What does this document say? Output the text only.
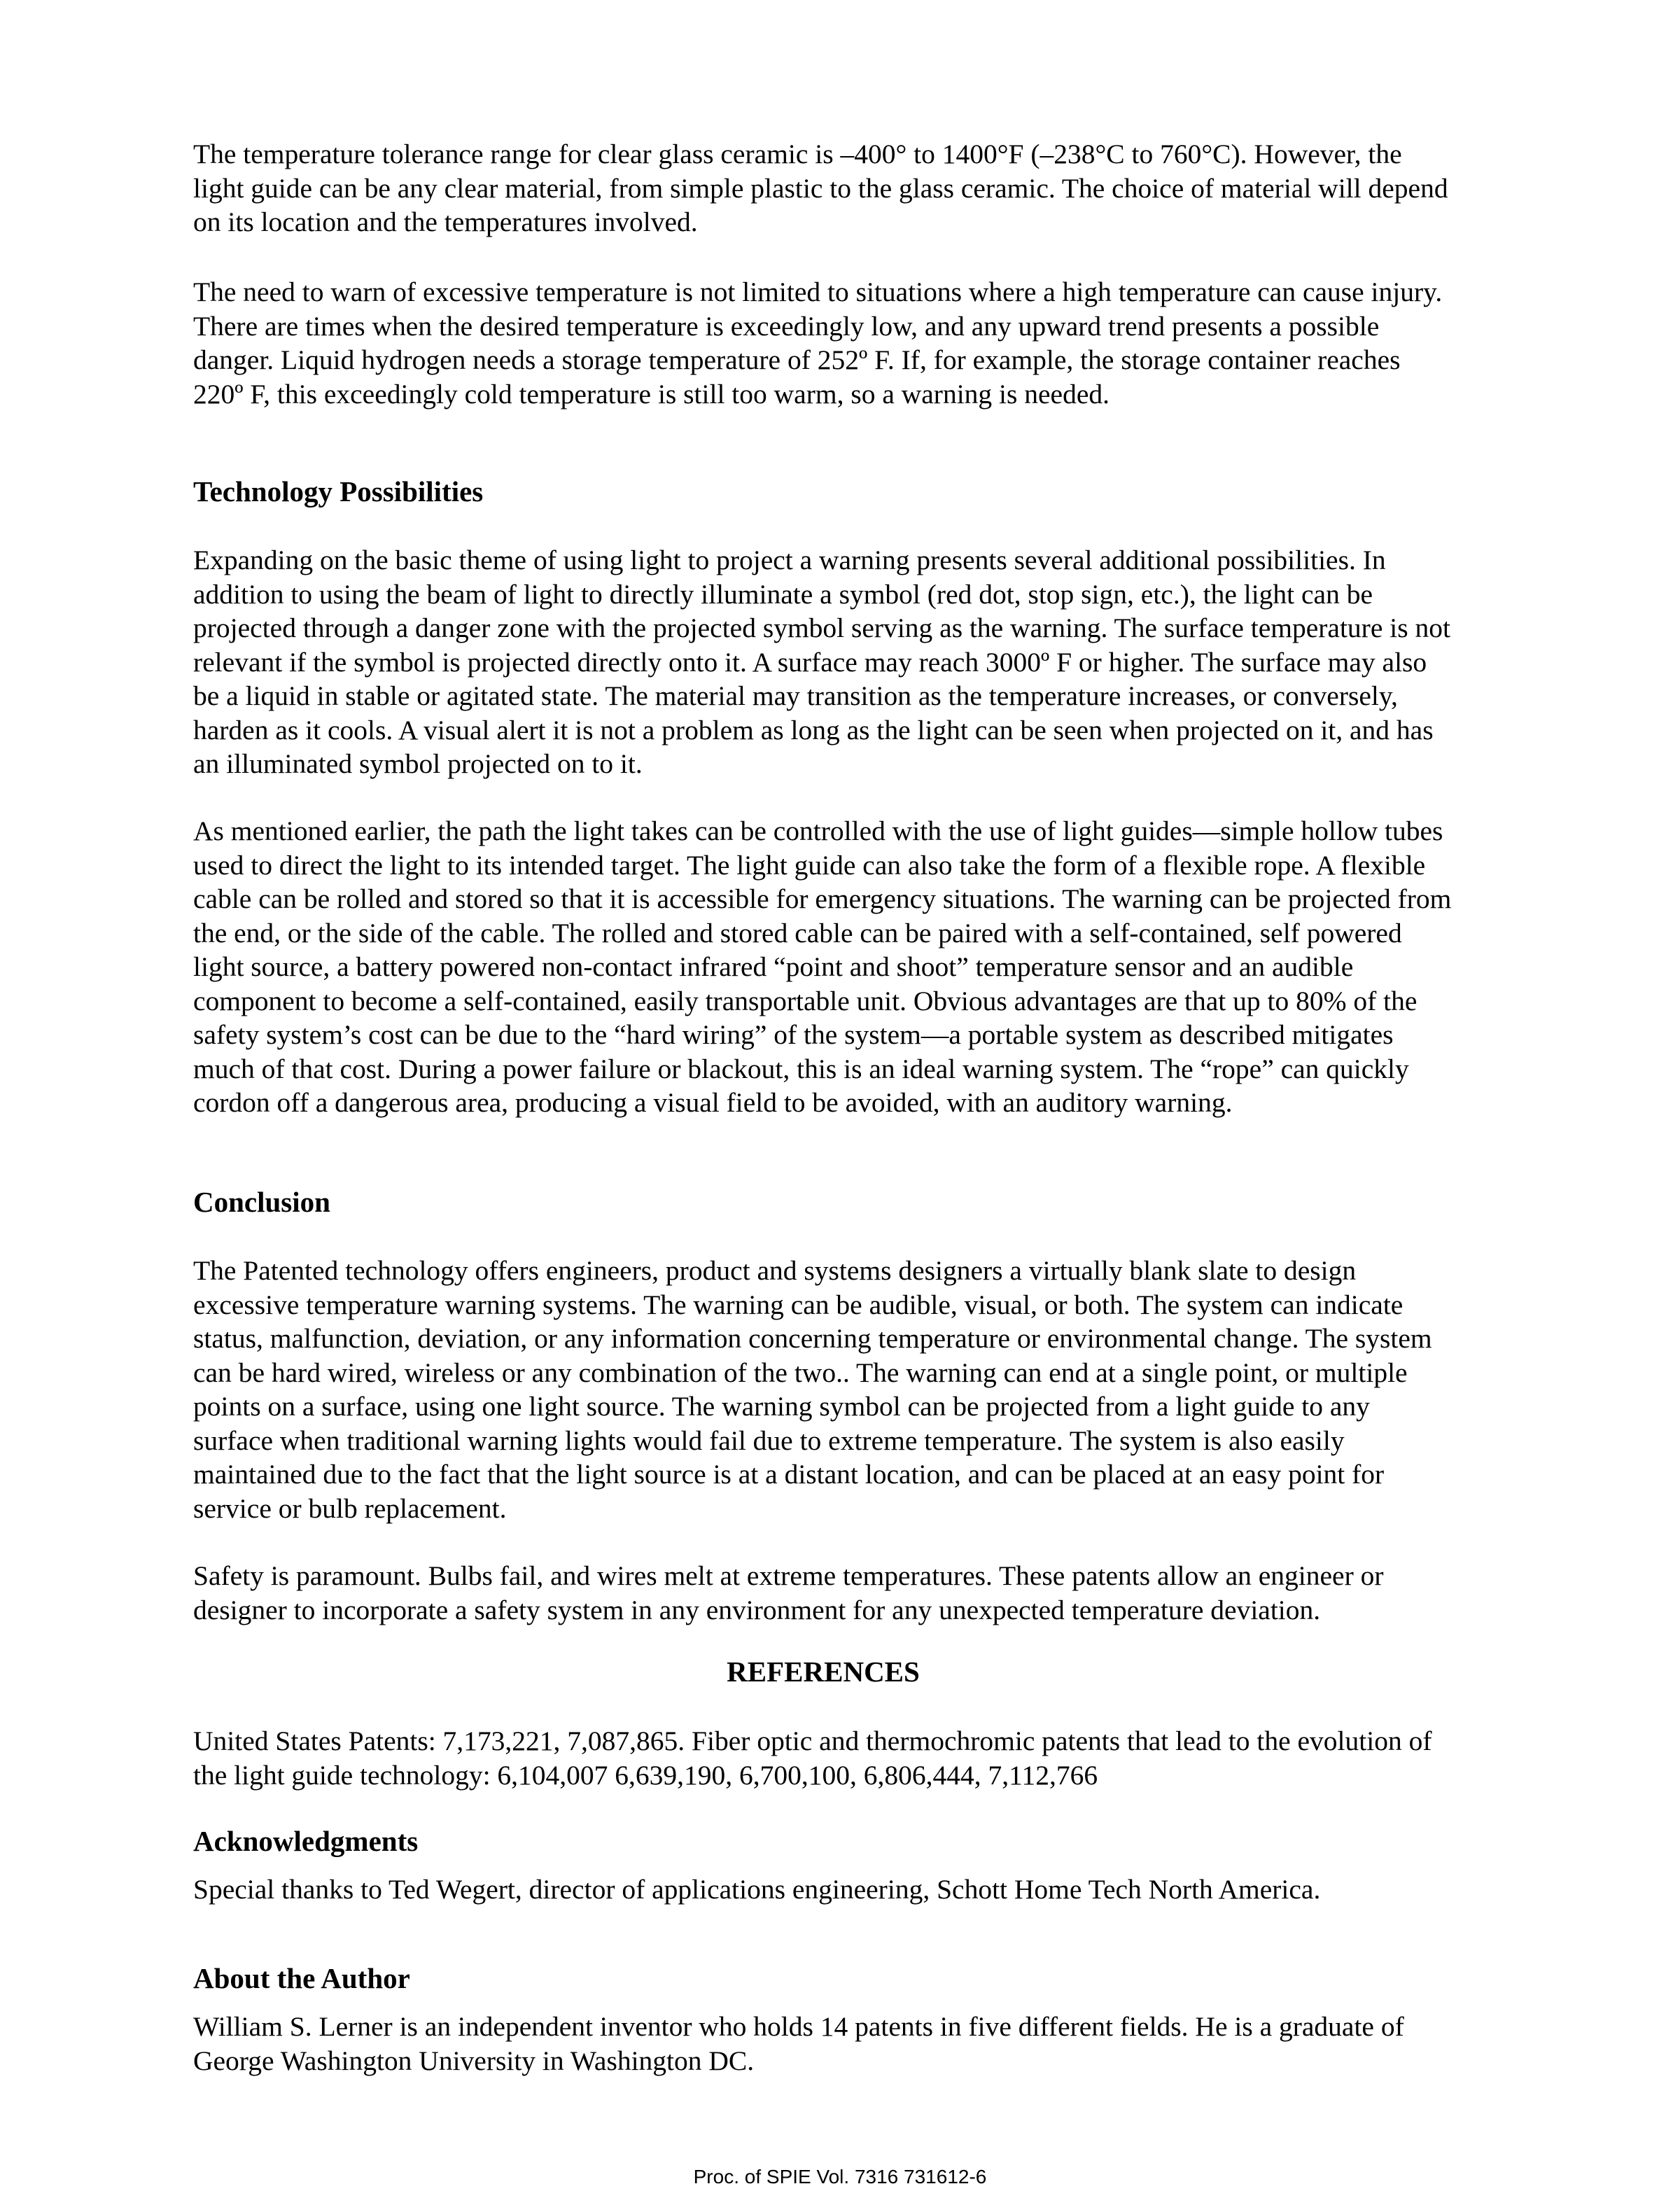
The temperature tolerance range for clear glass ceramic is –400° to 1400°F (–238°C to 760°C). However, the light guide can be any clear material, from simple plastic to the glass ceramic. The choice of material will depend on its location and the temperatures involved.

The need to warn of excessive temperature is not limited to situations where a high temperature can cause injury. There are times when the desired temperature is exceedingly low, and any upward trend presents a possible danger. Liquid hydrogen needs a storage temperature of 252º F. If, for example, the storage container reaches 220º F, this exceedingly cold temperature is still too warm, so a warning is needed.

Technology Possibilities

Expanding on the basic theme of using light to project a warning presents several additional possibilities. In addition to using the beam of light to directly illuminate a symbol (red dot, stop sign, etc.), the light can be projected through a danger zone with the projected symbol serving as the warning. The surface temperature is not relevant if the symbol is projected directly onto it. A surface may reach 3000º F or higher. The surface may also be a liquid in stable or agitated state. The material may transition as the temperature increases, or conversely, harden as it cools. A visual alert it is not a problem as long as the light can be seen when projected on it, and has an illuminated symbol projected on to it.

As mentioned earlier, the path the light takes can be controlled with the use of light guides—simple hollow tubes used to direct the light to its intended target. The light guide can also take the form of a flexible rope. A flexible cable can be rolled and stored so that it is accessible for emergency situations. The warning can be projected from the end, or the side of the cable. The rolled and stored cable can be paired with a self-contained, self powered light source, a battery powered non-contact infrared “point and shoot” temperature sensor and an audible component to become a self-contained, easily transportable unit. Obvious advantages are that up to 80% of the safety system’s cost can be due to the “hard wiring” of the system—a portable system as described mitigates much of that cost. During a power failure or blackout, this is an ideal warning system. The “rope” can quickly cordon off a dangerous area, producing a visual field to be avoided, with an auditory warning.

Conclusion

The Patented technology offers engineers, product and systems designers a virtually blank slate to design excessive temperature warning systems. The warning can be audible, visual, or both. The system can indicate status, malfunction, deviation, or any information concerning temperature or environmental change. The system can be hard wired, wireless or any combination of the two.. The warning can end at a single point, or multiple points on a surface, using one light source. The warning symbol can be projected from a light guide to any surface when traditional warning lights would fail due to extreme temperature. The system is also easily maintained due to the fact that the light source is at a distant location, and can be placed at an easy point for service or bulb replacement.

Safety is paramount. Bulbs fail, and wires melt at extreme temperatures. These patents allow an engineer or designer to incorporate a safety system in any environment for any unexpected temperature deviation.

REFERENCES

United States Patents: 7,173,221, 7,087,865. Fiber optic and thermochromic patents that lead to the evolution of the light guide technology: 6,104,007 6,639,190, 6,700,100, 6,806,444, 7,112,766

Acknowledgments

Special thanks to Ted Wegert, director of applications engineering, Schott Home Tech North America.

About the Author

William S. Lerner is an independent inventor who holds 14 patents in five different fields. He is a graduate of George Washington University in Washington DC.

Proc. of SPIE Vol. 7316 731612-6
